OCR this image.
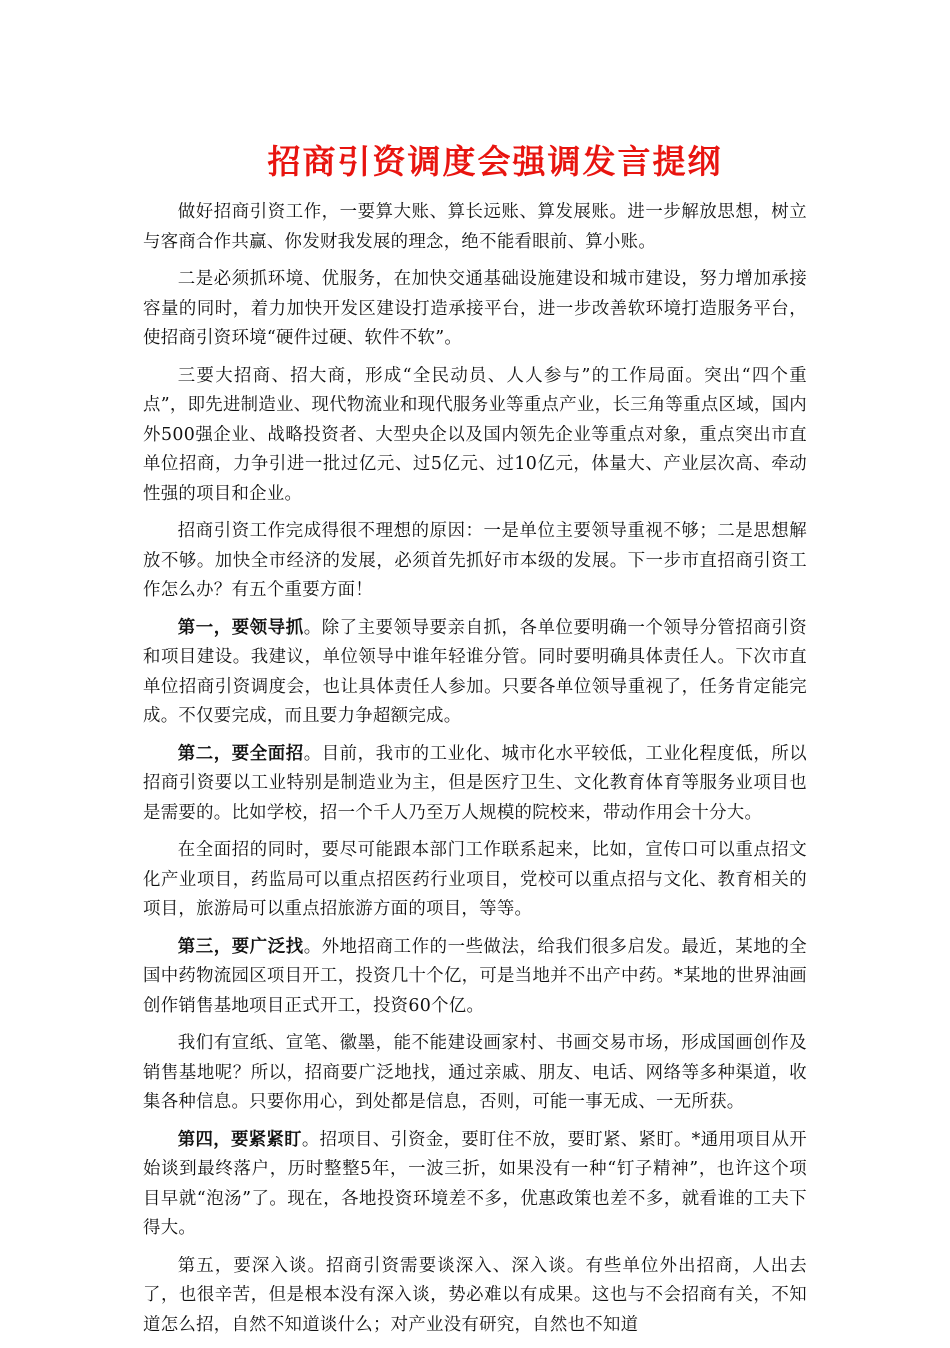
招商引资调度会强调发言提纲

做好招商引资工作，一要算大账、算长远账、算发展账。进一步解放思想，树立与客商合作共赢、你发财我发展的理念，绝不能看眼前、算小账。

二是必须抓环境、优服务，在加快交通基础设施建设和城市建设，努力增加承接容量的同时，着力加快开发区建设打造承接平台，进一步改善软环境打造服务平台，使招商引资环境“硬件过硬、软件不软”。

三要大招商、招大商，形成“全民动员、人人参与”的工作局面。突出“四个重点”，即先进制造业、现代物流业和现代服务业等重点产业，长三角等重点区域，国内外500强企业、战略投资者、大型央企以及国内领先企业等重点对象，重点突出市直单位招商，力争引进一批过亿元、过5亿元、过10亿元，体量大、产业层次高、牵动性强的项目和企业。

招商引资工作完成得很不理想的原因：一是单位主要领导重视不够；二是思想解放不够。加快全市经济的发展，必须首先抓好市本级的发展。下一步市直招商引资工作怎么办？有五个重要方面！

第一，要领导抓。除了主要领导要亲自抓，各单位要明确一个领导分管招商引资和项目建设。我建议，单位领导中谁年轻谁分管。同时要明确具体责任人。下次市直单位招商引资调度会，也让具体责任人参加。只要各单位领导重视了，任务肯定能完成。不仅要完成，而且要力争超额完成。

第二，要全面招。目前，我市的工业化、城市化水平较低，工业化程度低，所以招商引资要以工业特别是制造业为主，但是医疗卫生、文化教育体育等服务业项目也是需要的。比如学校，招一个千人乃至万人规模的院校来，带动作用会十分大。

在全面招的同时，要尽可能跟本部门工作联系起来，比如，宣传口可以重点招文化产业项目，药监局可以重点招医药行业项目，党校可以重点招与文化、教育相关的项目，旅游局可以重点招旅游方面的项目，等等。

第三，要广泛找。外地招商工作的一些做法，给我们很多启发。最近，某地的全国中药物流园区项目开工，投资几十个亿，可是当地并不出产中药。*某地的世界油画创作销售基地项目正式开工，投资60个亿。

我们有宣纸、宣笔、徽墨，能不能建设画家村、书画交易市场，形成国画创作及销售基地呢？所以，招商要广泛地找，通过亲戚、朋友、电话、网络等多种渠道，收集各种信息。只要你用心，到处都是信息，否则，可能一事无成、一无所获。

第四，要紧紧盯。招项目、引资金，要盯住不放，要盯紧、紧盯。*通用项目从开始谈到最终落户，历时整整5年，一波三折，如果没有一种“钉子精神”，也许这个项目早就“泡汤”了。现在，各地投资环境差不多，优惠政策也差不多，就看谁的工夫下得大。

第五，要深入谈。招商引资需要谈深入、深入谈。有些单位外出招商，人出去了，也很辛苦，但是根本没有深入谈，势必难以有成果。这也与不会招商有关，不知道怎么招，自然不知道谈什么；对产业没有研究，自然也不知道
